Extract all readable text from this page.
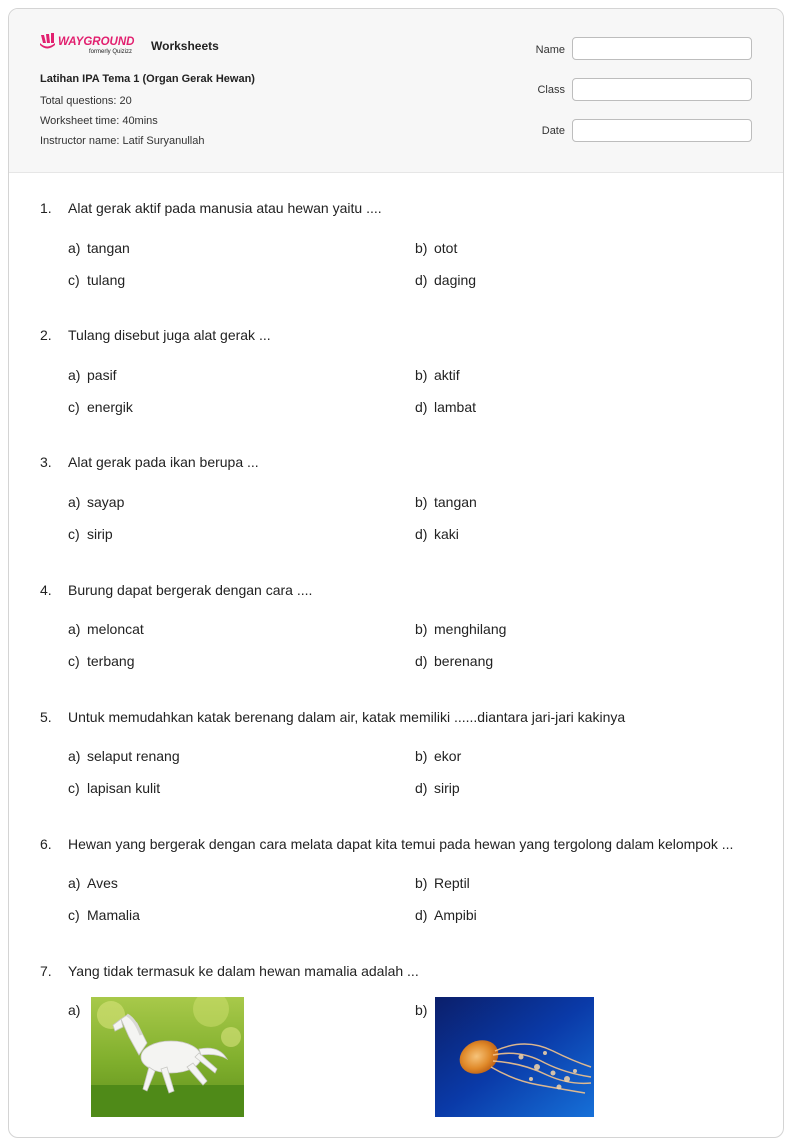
WAYGROUND
formerly Quizizz Worksheets
Latihan IPA Tema 1 (Organ Gerak Hewan)
Total questions: 20
Worksheet time: 40mins
Instructor name: Latif Suryanullah
Name
Class
Date
1. Alat gerak aktif pada manusia atau hewan yaitu ....
a) tangan	b) otot
c) tulang	d) daging
2. Tulang disebut juga alat gerak ...
a) pasif	b) aktif
c) energik	d) lambat
3. Alat gerak pada ikan berupa ...
a) sayap	b) tangan
c) sirip	d) kaki
4. Burung dapat bergerak dengan cara ....
a) meloncat	b) menghilang
c) terbang	d) berenang
5. Untuk memudahkan katak berenang dalam air, katak memiliki ......diantara jari-jari kakinya
a) selaput renang	b) ekor
c) lapisan kulit	d) sirip
6. Hewan yang bergerak dengan cara melata dapat kita temui pada hewan yang tergolong dalam kelompok ...
a) Aves	b) Reptil
c) Mamalia	d) Ampibi
7. Yang tidak termasuk ke dalam hewan mamalia adalah ...
a)	b)
